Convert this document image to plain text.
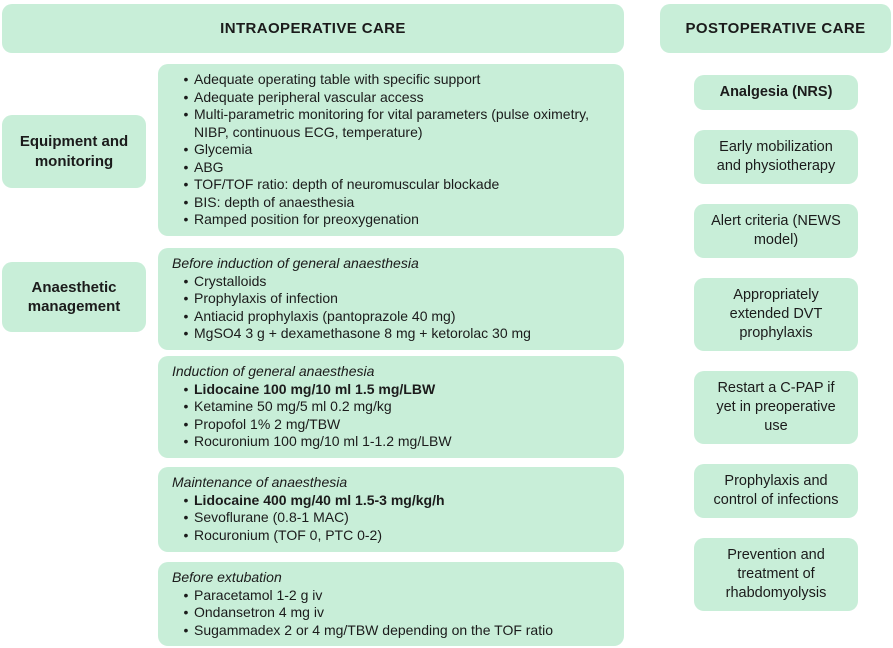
INTRAOPERATIVE CARE	POSTOPERATIVE CARE
Equipment and monitoring
Anaesthetic management
• Adequate operating table with specific support
• Adequate peripheral vascular access
• Multi-parametric monitoring for vital parameters (pulse oximetry, NIBP, continuous ECG, temperature)
• Glycemia
• ABG
• TOF/TOF ratio: depth of neuromuscular blockade
• BIS: depth of anaesthesia
• Ramped position for preoxygenation
Before induction of general anaesthesia
• Crystalloids
• Prophylaxis of infection
• Antiacid prophylaxis (pantoprazole 40 mg)
• MgSO4 3 g + dexamethasone 8 mg + ketorolac 30 mg
Induction of general anaesthesia
• Lidocaine 100 mg/10 ml 1.5 mg/LBW
• Ketamine 50 mg/5 ml 0.2 mg/kg
• Propofol 1% 2 mg/TBW
• Rocuronium 100 mg/10 ml 1-1.2 mg/LBW
Maintenance of anaesthesia
• Lidocaine 400 mg/40 ml 1.5-3 mg/kg/h
• Sevoflurane (0.8-1 MAC)
• Rocuronium (TOF 0, PTC 0-2)
Before extubation
• Paracetamol 1-2 g iv
• Ondansetron 4 mg iv
• Sugammadex 2 or 4 mg/TBW depending on the TOF ratio
Analgesia (NRS)
Early mobilization and physiotherapy
Alert criteria (NEWS model)
Appropriately extended DVT prophylaxis
Restart a C-PAP if yet in preoperative use
Prophylaxis and control of infections
Prevention and treatment of rhabdomyolysis
